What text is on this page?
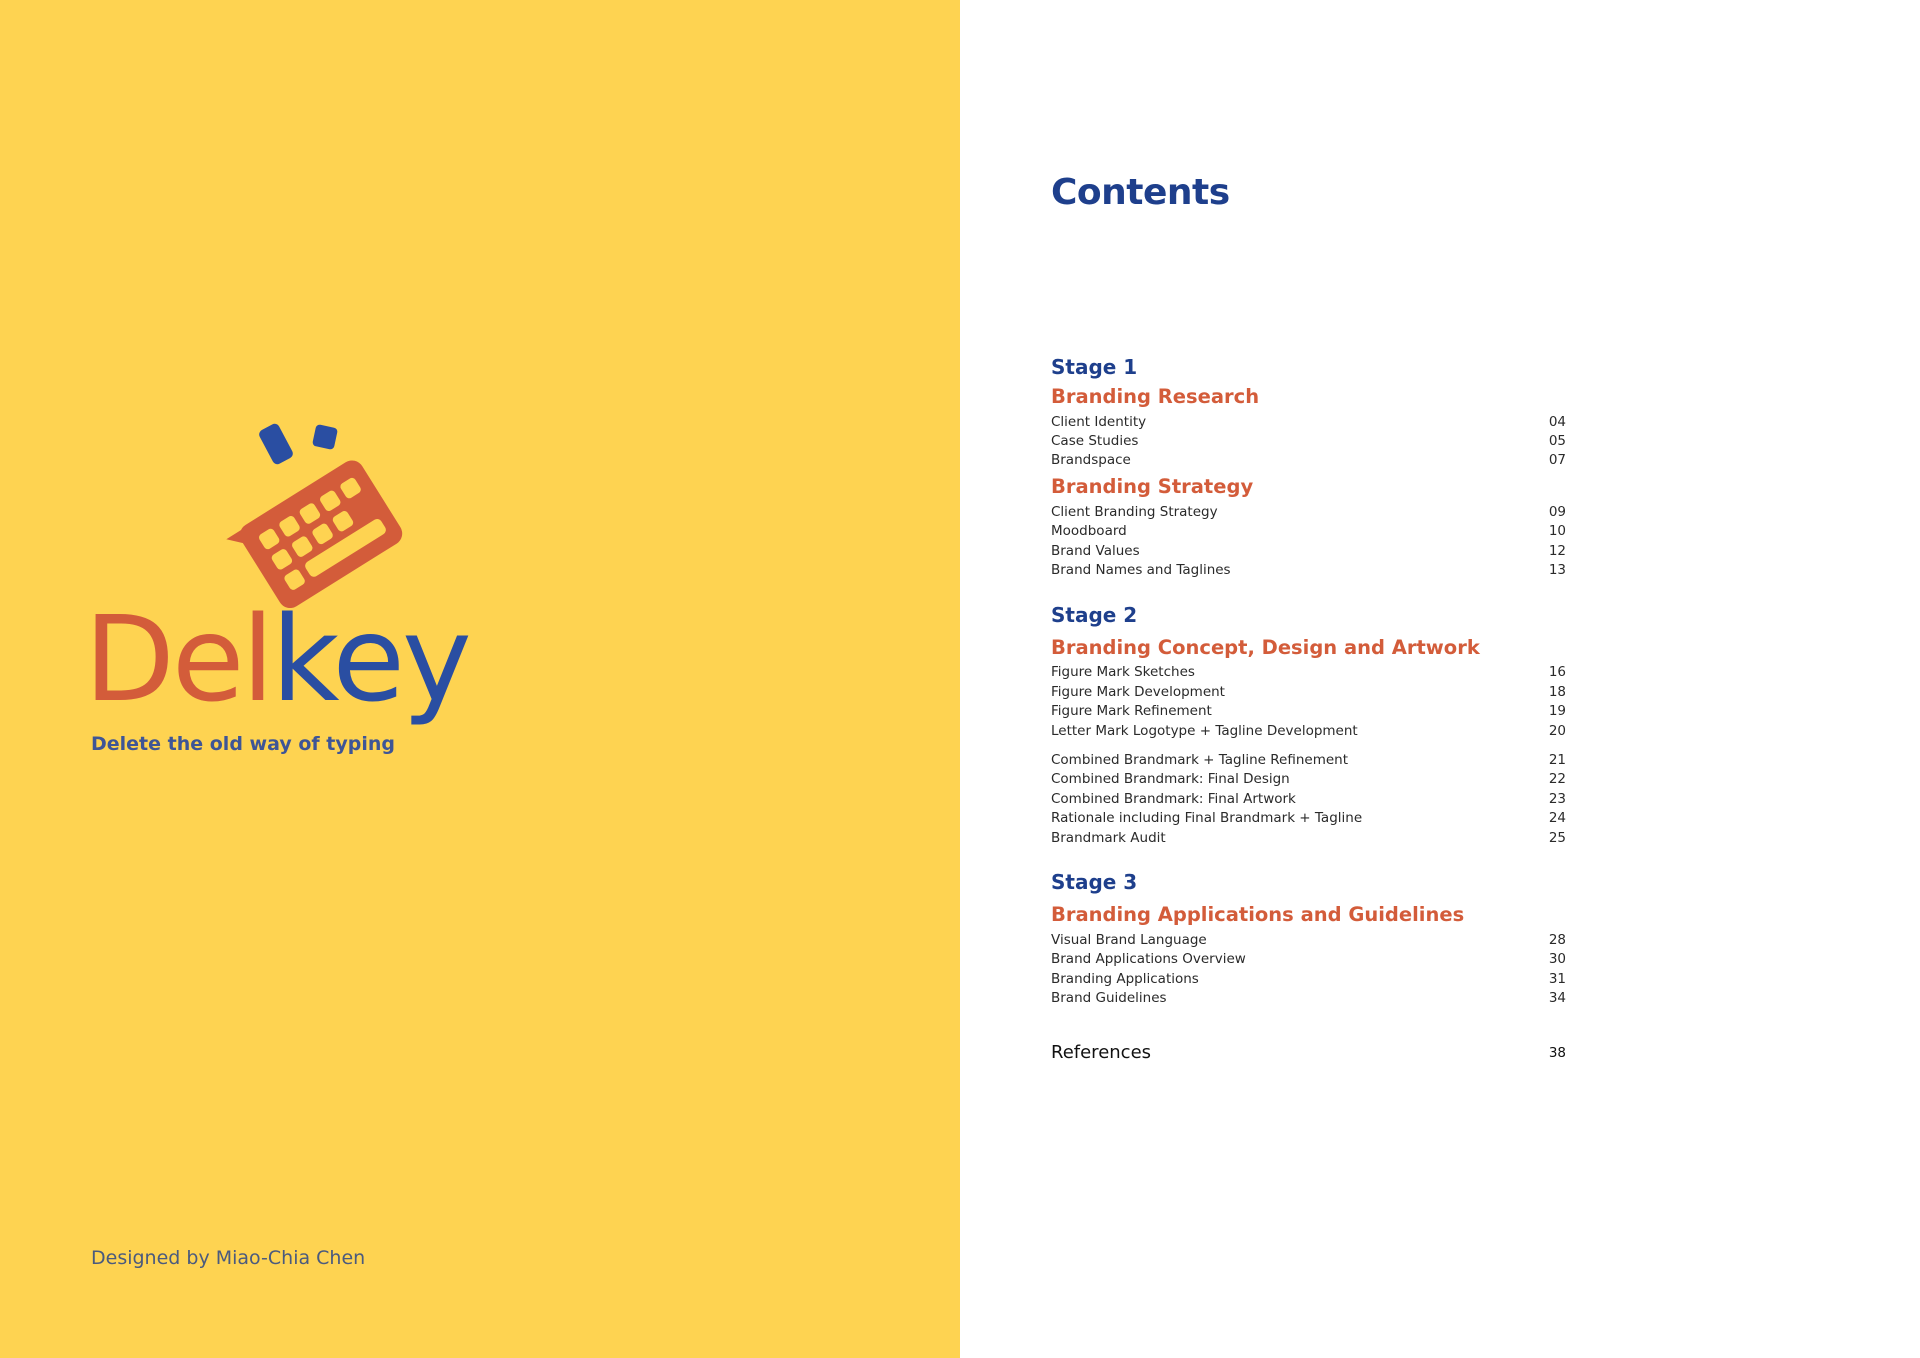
Delkey
Delete the old way of typing
Designed by Miao-Chia Chen
Contents
Stage 1
Branding Research
Client Identity	04
Case Studies	05
Brandspace	07
Branding Strategy
Client Branding Strategy	09
Moodboard	10
Brand Values	12
Brand Names and Taglines	13
Stage 2
Branding Concept, Design and Artwork
Figure Mark Sketches	16
Figure Mark Development	18
Figure Mark Refinement	19
Letter Mark Logotype + Tagline Development	20
Combined Brandmark + Tagline Refinement	21
Combined Brandmark: Final Design	22
Combined Brandmark: Final Artwork	23
Rationale including Final Brandmark + Tagline	24
Brandmark Audit	25
Stage 3
Branding Applications and Guidelines
Visual Brand Language	28
Brand Applications Overview	30
Branding Applications	31
Brand Guidelines	34
References	38
